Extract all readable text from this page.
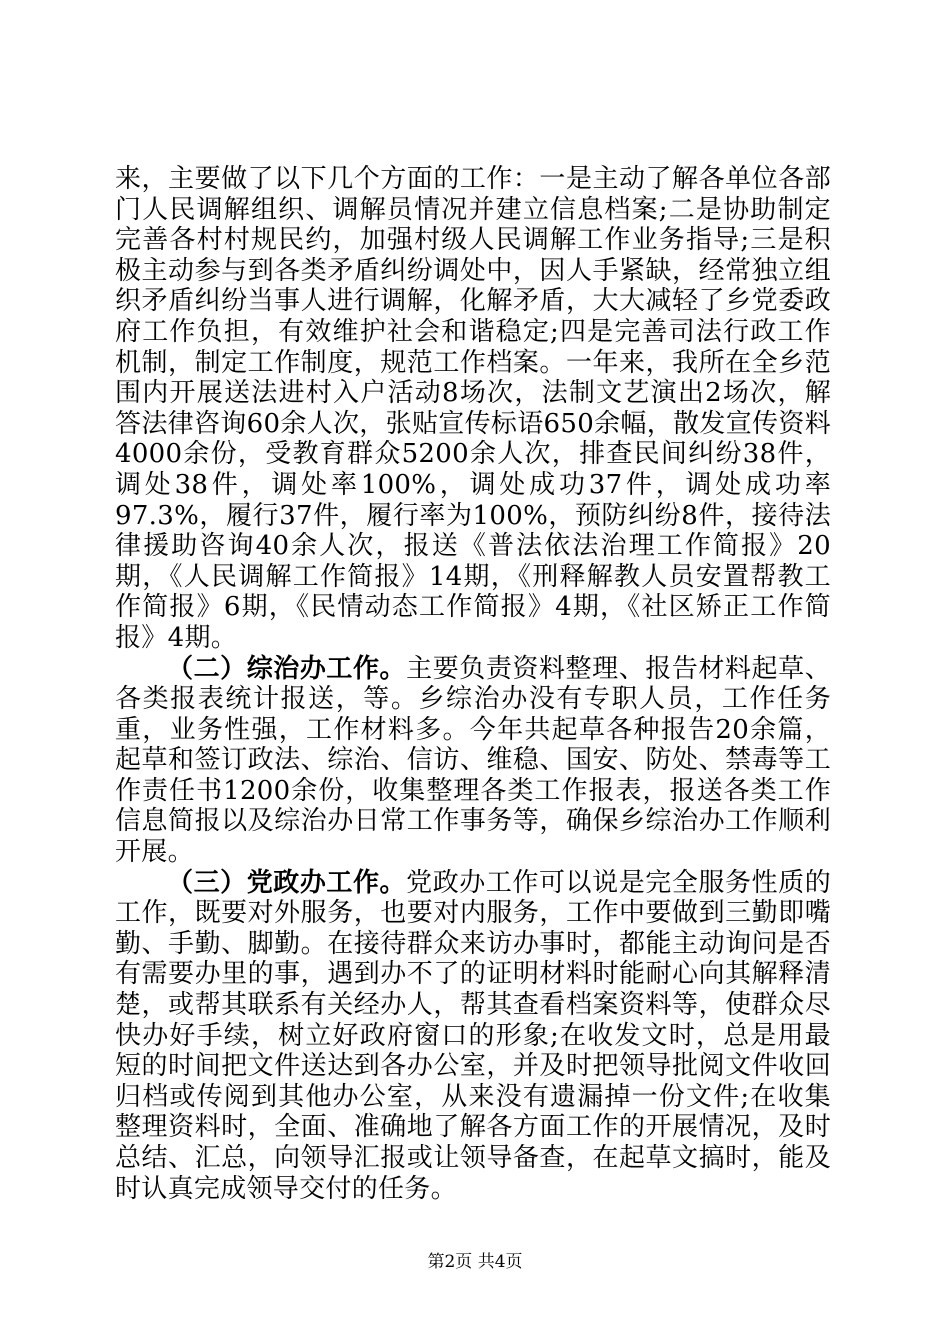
来，主要做了以下几个方面的工作：一是主动了解各单位各部门人民调解组织、调解员情况并建立信息档案;二是协助制定完善各村村规民约，加强村级人民调解工作业务指导;三是积极主动参与到各类矛盾纠纷调处中，因人手紧缺，经常独立组织矛盾纠纷当事人进行调解，化解矛盾，大大减轻了乡党委政府工作负担，有效维护社会和谐稳定;四是完善司法行政工作机制，制定工作制度，规范工作档案。一年来，我所在全乡范围内开展送法进村入户活动8场次，法制文艺演出2场次，解答法律咨询60余人次，张贴宣传标语650余幅，散发宣传资料4000余份，受教育群众5200余人次，排查民间纠纷38件，调处38件，调处率100%，调处成功37件，调处成功率97.3%，履行37件，履行率为100%，预防纠纷8件，接待法律援助咨询40余人次，报送《普法依法治理工作简报》20期，《人民调解工作简报》14期，《刑释解教人员安置帮教工作简报》6期，《民情动态工作简报》4期，《社区矫正工作简报》4期。

（二）综治办工作。主要负责资料整理、报告材料起草、各类报表统计报送，等。乡综治办没有专职人员，工作任务重，业务性强，工作材料多。今年共起草各种报告20余篇，起草和签订政法、综治、信访、维稳、国安、防处、禁毒等工作责任书1200余份，收集整理各类工作报表，报送各类工作信息简报以及综治办日常工作事务等，确保乡综治办工作顺利开展。

（三）党政办工作。党政办工作可以说是完全服务性质的工作，既要对外服务，也要对内服务，工作中要做到三勤即嘴勤、手勤、脚勤。在接待群众来访办事时，都能主动询问是否有需要办里的事，遇到办不了的证明材料时能耐心向其解释清楚，或帮其联系有关经办人，帮其查看档案资料等，使群众尽快办好手续，树立好政府窗口的形象;在收发文时，总是用最短的时间把文件送达到各办公室，并及时把领导批阅文件收回归档或传阅到其他办公室，从来没有遗漏掉一份文件;在收集整理资料时，全面、准确地了解各方面工作的开展情况，及时总结、汇总，向领导汇报或让领导备查，在起草文搞时，能及时认真完成领导交付的任务。

第2页 共4页
